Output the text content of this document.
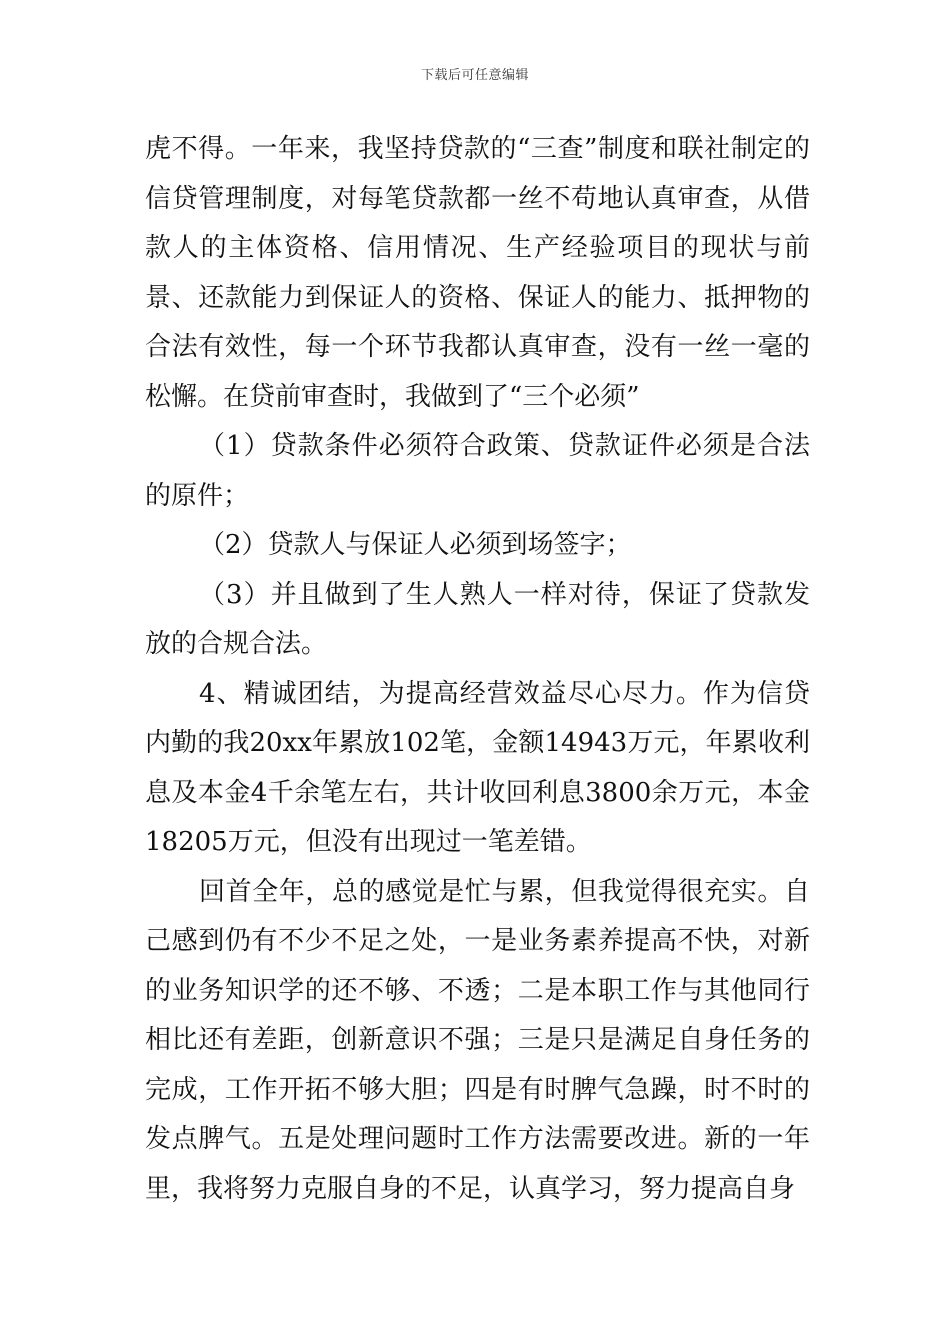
下载后可任意编辑

虎不得。一年来，我坚持贷款的“三查”制度和联社制定的信贷管理制度，对每笔贷款都一丝不苟地认真审查，从借款人的主体资格、信用情况、生产经验项目的现状与前景、还款能力到保证人的资格、保证人的能力、抵押物的合法有效性，每一个环节我都认真审查，没有一丝一毫的松懈。在贷前审查时，我做到了“三个必须”

（1）贷款条件必须符合政策、贷款证件必须是合法的原件；

（2）贷款人与保证人必须到场签字；

（3）并且做到了生人熟人一样对待，保证了贷款发放的合规合法。

4、精诚团结，为提高经营效益尽心尽力。作为信贷内勤的我20xx年累放102笔，金额14943万元，年累收利息及本金4千余笔左右，共计收回利息3800余万元，本金18205万元，但没有出现过一笔差错。

回首全年，总的感觉是忙与累，但我觉得很充实。自己感到仍有不少不足之处，一是业务素养提高不快，对新的业务知识学的还不够、不透；二是本职工作与其他同行相比还有差距，创新意识不强；三是只是满足自身任务的完成，工作开拓不够大胆；四是有时脾气急躁，时不时的发点脾气。五是处理问题时工作方法需要改进。新的一年里，我将努力克服自身的不足，认真学习，努力提高自身
